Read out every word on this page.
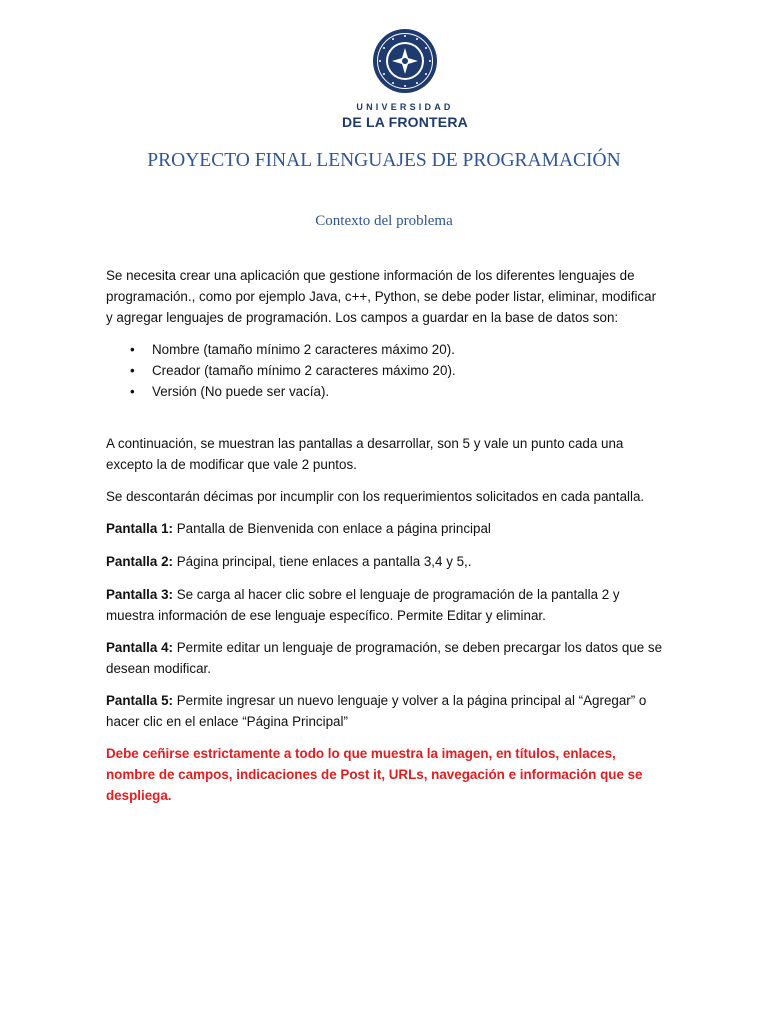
UNIVERSIDAD
DE LA FRONTERA
PROYECTO FINAL LENGUAJES DE PROGRAMACIÓN
Contexto del problema

Se necesita crear una aplicación que gestione información de los diferentes lenguajes de programación., como por ejemplo Java, c++, Python, se debe poder listar, eliminar, modificar y agregar lenguajes de programación. Los campos a guardar en la base de datos son:

• Nombre (tamaño mínimo 2 caracteres máximo 20).
• Creador (tamaño mínimo 2 caracteres máximo 20).
• Versión (No puede ser vacía).

A continuación, se muestran las pantallas a desarrollar, son 5 y vale un punto cada una excepto la de modificar que vale 2 puntos.

Se descontarán décimas por incumplir con los requerimientos solicitados en cada pantalla.

Pantalla 1: Pantalla de Bienvenida con enlace a página principal

Pantalla 2: Página principal, tiene enlaces a pantalla 3,4 y 5,.

Pantalla 3: Se carga al hacer clic sobre el lenguaje de programación de la pantalla 2 y muestra información de ese lenguaje específico. Permite Editar y eliminar.

Pantalla 4: Permite editar un lenguaje de programación, se deben precargar los datos que se desean modificar.

Pantalla 5: Permite ingresar un nuevo lenguaje y volver a la página principal al “Agregar” o hacer clic en el enlace “Página Principal”

Debe ceñirse estrictamente a todo lo que muestra la imagen, en títulos, enlaces, nombre de campos, indicaciones de Post it, URLs, navegación e información que se despliega.
